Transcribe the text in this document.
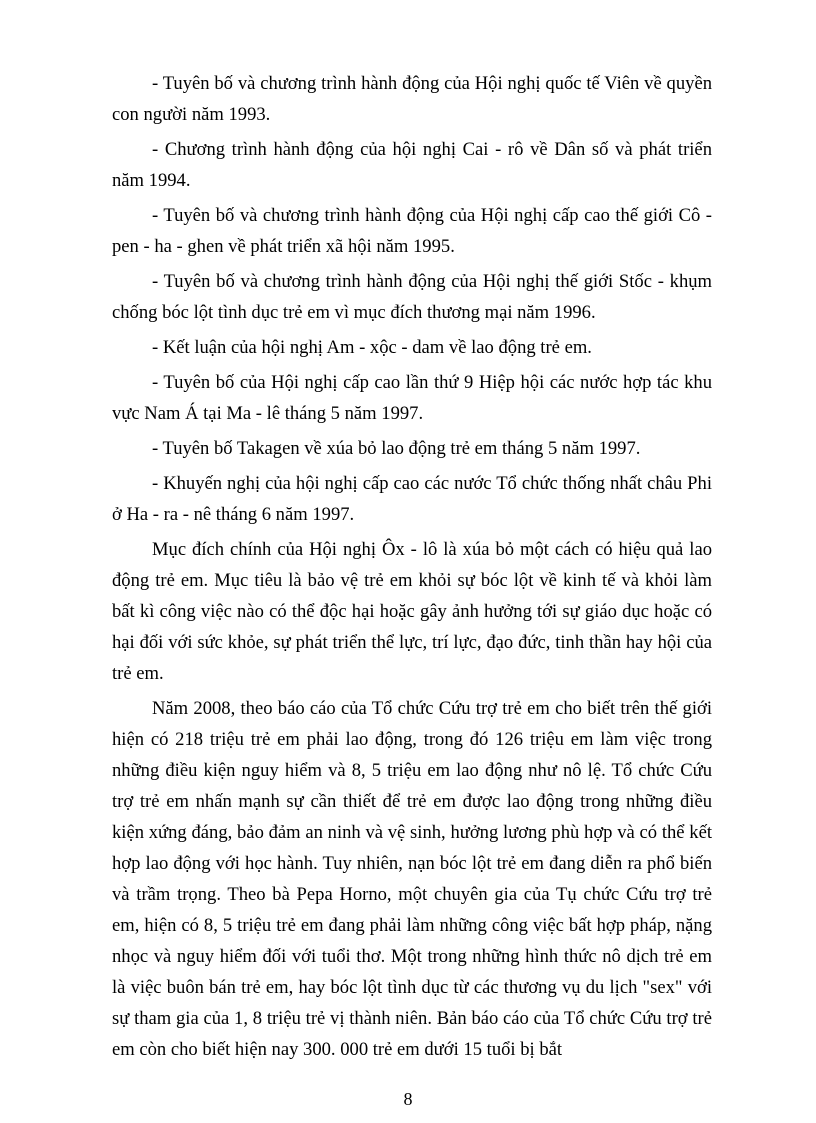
- Tuyên bố và chương trình hành động của Hội nghị quốc tế Viên về quyền con người năm 1993.

- Chương trình hành động của hội nghị Cai - rô về Dân số và phát triển năm 1994.

- Tuyên bố và chương trình hành động của Hội nghị cấp cao thế giới Cô - pen - ha - ghen về phát triển xã hội năm 1995.

- Tuyên bố và chương trình hành động của Hội nghị thế giới Stốc - khụm chống bóc lột tình dục trẻ em vì mục đích thương mại năm 1996.

- Kết luận của hội nghị Am - xộc - dam về lao động trẻ em.

- Tuyên bố của Hội nghị cấp cao lần thứ 9 Hiệp hội các nước hợp tác khu vực Nam Á tại Ma - lê tháng 5 năm 1997.

- Tuyên bố Takagen về xúa bỏ lao động trẻ em tháng 5 năm 1997.

- Khuyến nghị của hội nghị cấp cao các nước Tổ chức thống nhất châu Phi ở Ha - ra - nê tháng 6 năm 1997.

Mục đích chính của Hội nghị Ôx - lô là xúa bỏ một cách có hiệu quả lao động trẻ em. Mục tiêu là bảo vệ trẻ em khỏi sự bóc lột về kinh tế và khỏi làm bất kì công việc nào có thể độc hại hoặc gây ảnh hưởng tới sự giáo dục hoặc có hại đối với sức khỏe, sự phát triển thể lực, trí lực, đạo đức, tinh thần hay hội của trẻ em.

Năm 2008, theo báo cáo của Tổ chức Cứu trợ trẻ em cho biết trên thế giới hiện có 218 triệu trẻ em phải lao động, trong đó 126 triệu em làm việc trong những điều kiện nguy hiểm và 8, 5 triệu em lao động như nô lệ. Tổ chức Cứu trợ trẻ em nhấn mạnh sự cần thiết để trẻ em được lao động trong những điều kiện xứng đáng, bảo đảm an ninh và vệ sinh, hưởng lương phù hợp và có thể kết hợp lao động với học hành. Tuy nhiên, nạn bóc lột trẻ em đang diễn ra phổ biến và trầm trọng. Theo bà Pepa Horno, một chuyên gia của Tụ chức Cứu trợ trẻ em, hiện có 8, 5 triệu trẻ em đang phải làm những công việc bất hợp pháp, nặng nhọc và nguy hiểm đối với tuổi thơ. Một trong những hình thức nô dịch trẻ em là việc buôn bán trẻ em, hay bóc lột tình dục từ các thương vụ du lịch "sex" với sự tham gia của 1, 8 triệu trẻ vị thành niên. Bản báo cáo của Tổ chức Cứu trợ trẻ em còn cho biết hiện nay 300. 000 trẻ em dưới 15 tuổi bị bắt

8
